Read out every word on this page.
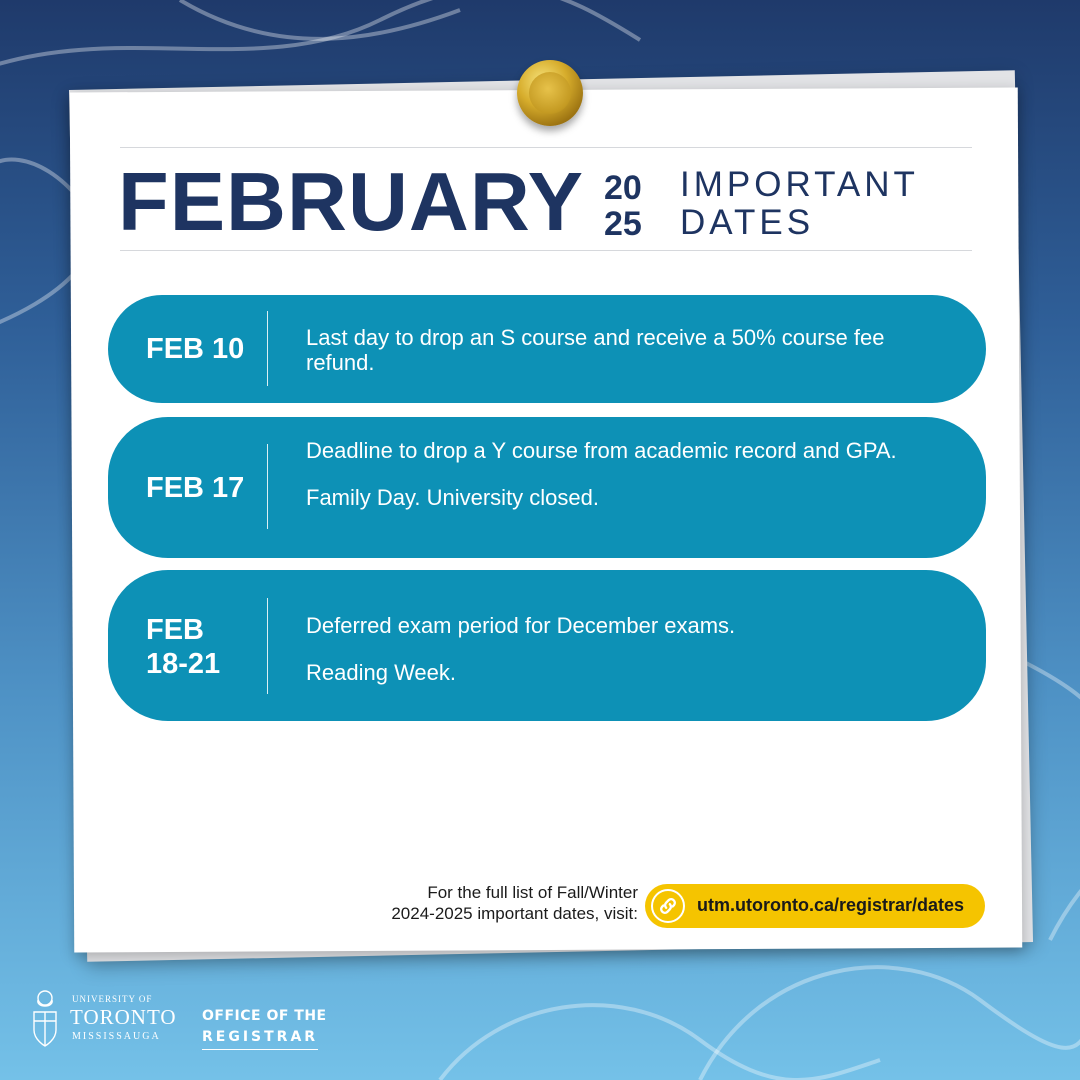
FEBRUARY 20
25
IMPORTANT
DATES
FEB 10	Last day to drop an S course and receive a 50% course fee refund.

FEB 17

Deadline to drop a Y course from academic record and GPA.

Family Day. University closed.

FEB
18-21

Deferred exam period for December exams.

Reading Week.

For the full list of Fall/Winter
2024-2025 important dates, visit:	utm.utoronto.ca/registrar/dates
UNIVERSITY OF
TORONTO
MISSISSAUGA
OFFICE OF THE
REGISTRAR
